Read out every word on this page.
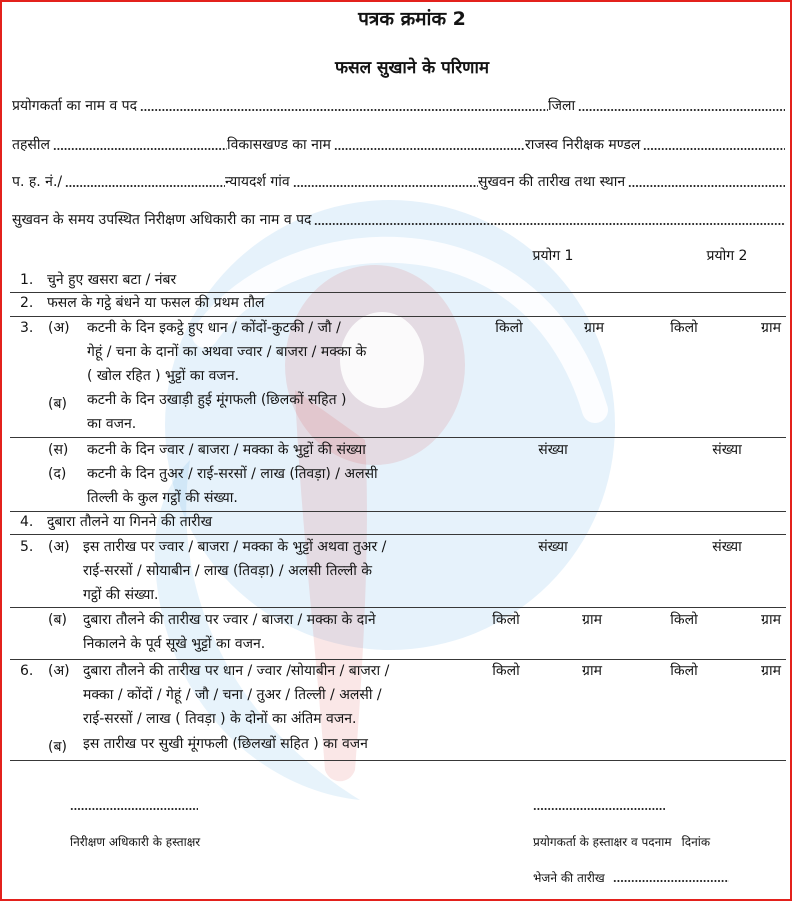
पत्रक क्रमांक 2
फसल सुखाने के परिणाम
प्रयोगकर्ता का नाम व पद	जिला
तहसील	विकासखण्ड का नाम	राजस्व निरीक्षक मण्डल
प. ह. नं./	न्यायदर्श गांव	सुखवन की तारीख तथा स्थान
सुखवन के समय उपस्थित निरीक्षण अधिकारी का नाम व पद
प्रयोग 1	प्रयोग 2
1. चुने हुए खसरा बटा / नंबर
2. फसल के गट्ठे बंधने या फसल की प्रथम तौल
3. (अ) कटनी के दिन इकट्ठे हुए धान / कोंदों-कुटकी / जौ /
गेहूं / चना के दानों का अथवा ज्वार / बाजरा / मक्का के
( खोल रहित ) भुट्टों का वजन.
किलो	ग्राम	किलो	ग्राम
(ब) कटनी के दिन उखाड़ी हुई मूंगफली (छिलकों सहित )
का वजन.
(स) कटनी के दिन ज्वार / बाजरा / मक्का के भुट्टों की संख्या	संख्या	संख्या
(द) कटनी के दिन तुअर / राई-सरसों / लाख (तिवड़ा) / अलसी
तिल्ली के कुल गट्ठों की संख्या.
4. दुबारा तौलने या गिनने की तारीख
5. (अ) इस तारीख पर ज्वार / बाजरा / मक्का के भुट्टों अथवा तुअर /
राई-सरसों / सोयाबीन / लाख (तिवड़ा) / अलसी तिल्ली के
गट्ठों की संख्या.
संख्या	संख्या
(ब) दुबारा तौलने की तारीख पर ज्वार / बाजरा / मक्का के दाने
निकालने के पूर्व सूखे भुट्टों का वजन.
किलो	ग्राम	किलो	ग्राम
6. (अ) दुबारा तौलने की तारीख पर धान / ज्वार /सोयाबीन / बाजरा /
मक्का / कोंदों / गेहूं / जौ / चना / तुअर / तिल्ली / अलसी /
राई-सरसों / लाख ( तिवड़ा ) के दोनों का अंतिम वजन.
किलो	ग्राम	किलो	ग्राम
(ब) इस तारीख पर सुखी मूंगफली (छिलखों सहित ) का वजन
निरीक्षण अधिकारी के हस्ताक्षर	प्रयोगकर्ता के हस्ताक्षर व पदनाम दिनांक
भेजने की तारीख
